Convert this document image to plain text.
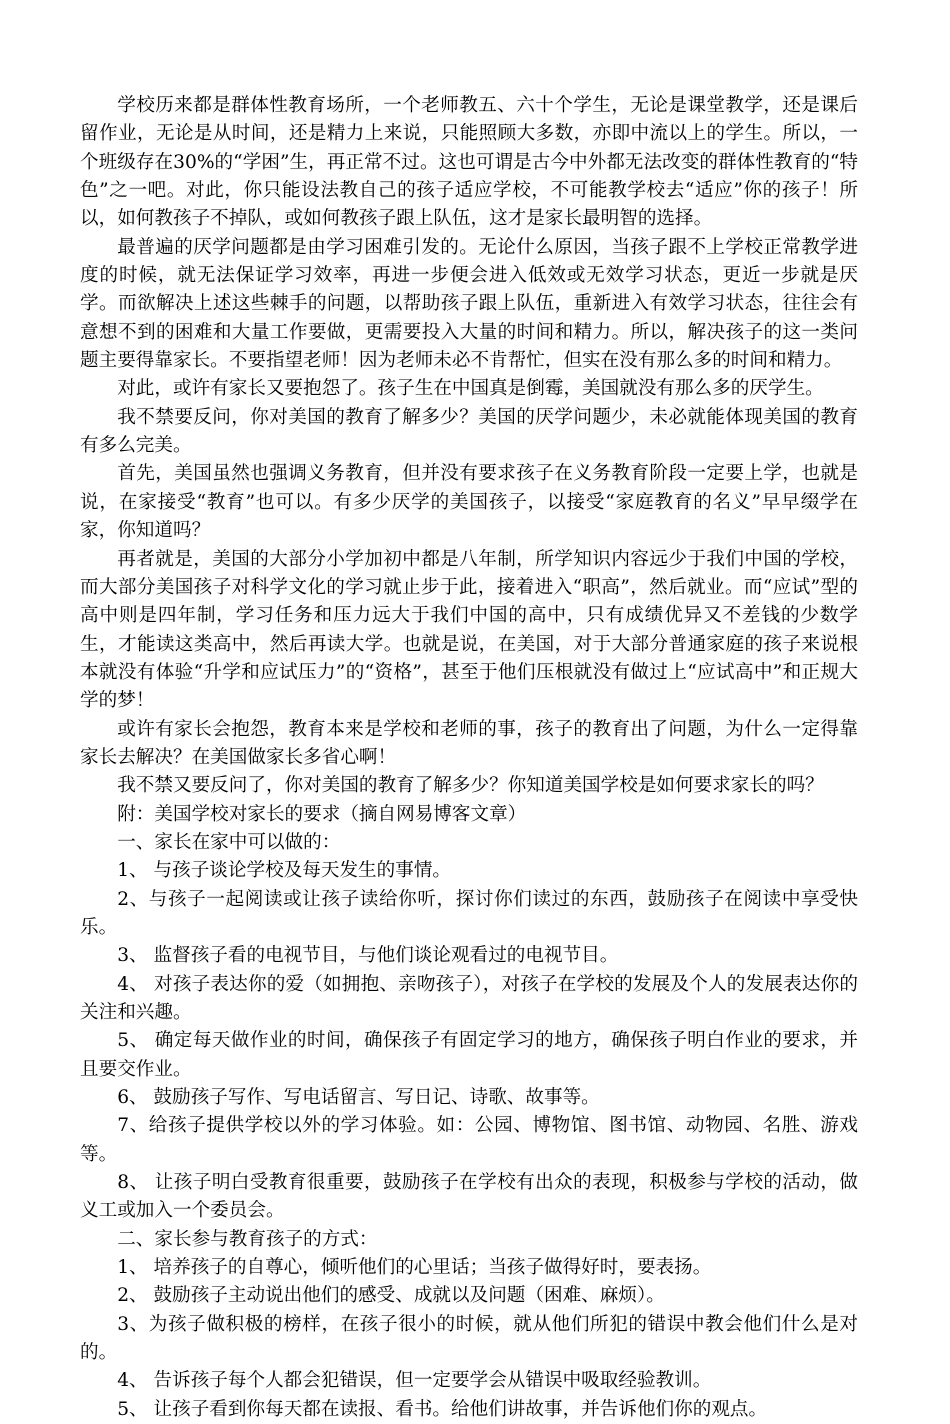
学校历来都是群体性教育场所，一个老师教五、六十个学生，无论是课堂教学，还是课后留作业，无论是从时间，还是精力上来说，只能照顾大多数，亦即中流以上的学生。所以，一个班级存在30%的“学困”生，再正常不过。这也可谓是古今中外都无法改变的群体性教育的“特色”之一吧。对此，你只能设法教自己的孩子适应学校，不可能教学校去“适应”你的孩子！所以，如何教孩子不掉队，或如何教孩子跟上队伍，这才是家长最明智的选择。

最普遍的厌学问题都是由学习困难引发的。无论什么原因，当孩子跟不上学校正常教学进度的时候，就无法保证学习效率，再进一步便会进入低效或无效学习状态，更近一步就是厌学。而欲解决上述这些棘手的问题，以帮助孩子跟上队伍，重新进入有效学习状态，往往会有意想不到的困难和大量工作要做，更需要投入大量的时间和精力。所以，解决孩子的这一类问题主要得靠家长。不要指望老师！因为老师未必不肯帮忙，但实在没有那么多的时间和精力。

对此，或许有家长又要抱怨了。孩子生在中国真是倒霉，美国就没有那么多的厌学生。

我不禁要反问，你对美国的教育了解多少？美国的厌学问题少，未必就能体现美国的教育有多么完美。

首先，美国虽然也强调义务教育，但并没有要求孩子在义务教育阶段一定要上学，也就是说，在家接受“教育”也可以。有多少厌学的美国孩子，以接受“家庭教育的名义”早早缀学在家，你知道吗？

再者就是，美国的大部分小学加初中都是八年制，所学知识内容远少于我们中国的学校，而大部分美国孩子对科学文化的学习就止步于此，接着进入“职高”，然后就业。而“应试”型的高中则是四年制，学习任务和压力远大于我们中国的高中，只有成绩优异又不差钱的少数学生，才能读这类高中，然后再读大学。也就是说，在美国，对于大部分普通家庭的孩子来说根本就没有体验“升学和应试压力”的“资格”，甚至于他们压根就没有做过上“应试高中”和正规大学的梦！

或许有家长会抱怨，教育本来是学校和老师的事，孩子的教育出了问题，为什么一定得靠家长去解决？在美国做家长多省心啊！

我不禁又要反问了，你对美国的教育了解多少？你知道美国学校是如何要求家长的吗？

附：美国学校对家长的要求（摘自网易博客文章）

一、家长在家中可以做的：

1、 与孩子谈论学校及每天发生的事情。

2、与孩子一起阅读或让孩子读给你听，探讨你们读过的东西，鼓励孩子在阅读中享受快乐。

3、 监督孩子看的电视节目，与他们谈论观看过的电视节目。

4、 对孩子表达你的爱（如拥抱、亲吻孩子），对孩子在学校的发展及个人的发展表达你的关注和兴趣。

5、 确定每天做作业的时间，确保孩子有固定学习的地方，确保孩子明白作业的要求，并且要交作业。

6、 鼓励孩子写作、写电话留言、写日记、诗歌、故事等。

7、给孩子提供学校以外的学习体验。如：公园、博物馆、图书馆、动物园、名胜、游戏等。

8、 让孩子明白受教育很重要，鼓励孩子在学校有出众的表现，积极参与学校的活动，做义工或加入一个委员会。

二、家长参与教育孩子的方式：

1、 培养孩子的自尊心，倾听他们的心里话；当孩子做得好时，要表扬。

2、 鼓励孩子主动说出他们的感受、成就以及问题（困难、麻烦）。

3、为孩子做积极的榜样，在孩子很小的时候，就从他们所犯的错误中教会他们什么是对的。

4、 告诉孩子每个人都会犯错误，但一定要学会从错误中吸取经验教训。

5、 让孩子看到你每天都在读报、看书。给他们讲故事，并告诉他们你的观点。
